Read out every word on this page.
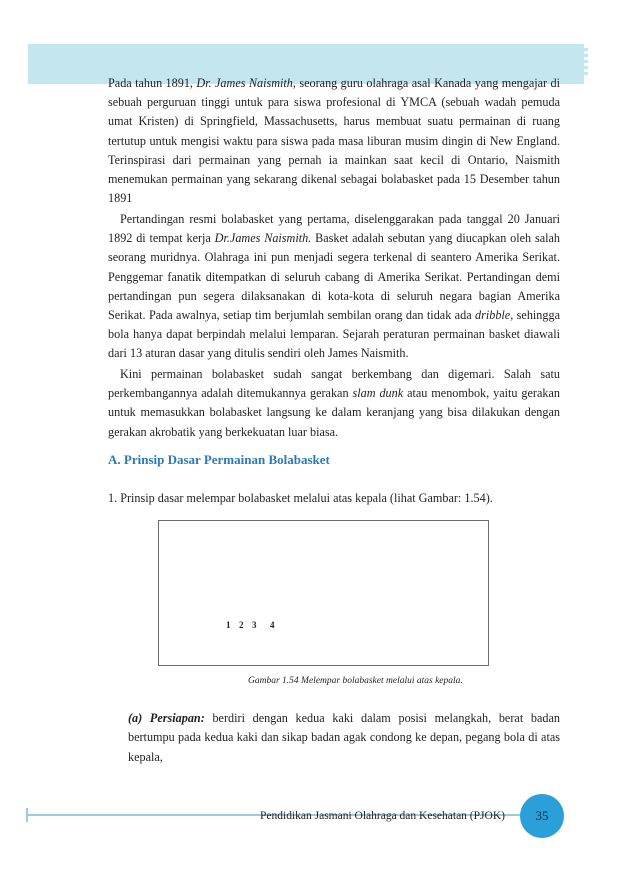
Pada tahun 1891, Dr. James Naismith, seorang guru olahraga asal Kanada yang mengajar di sebuah perguruan tinggi untuk para siswa profesional di YMCA (sebuah wadah pemuda umat Kristen) di Springfield, Massachusetts, harus membuat suatu permainan di ruang tertutup untuk mengisi waktu para siswa pada masa liburan musim dingin di New England. Terinspirasi dari permainan yang pernah ia mainkan saat kecil di Ontario, Naismith menemukan permainan yang sekarang dikenal sebagai bolabasket pada 15 Desember tahun 1891

Pertandingan resmi bolabasket yang pertama, diselenggarakan pada tanggal 20 Januari 1892 di tempat kerja Dr.James Naismith. Basket adalah sebutan yang diucapkan oleh salah seorang muridnya. Olahraga ini pun menjadi segera terkenal di seantero Amerika Serikat. Penggemar fanatik ditempatkan di seluruh cabang di Amerika Serikat. Pertandingan demi pertandingan pun segera dilaksanakan di kota-kota di seluruh negara bagian Amerika Serikat. Pada awalnya, setiap tim berjumlah sembilan orang dan tidak ada dribble, sehingga bola hanya dapat berpindah melalui lemparan. Sejarah peraturan permainan basket diawali dari 13 aturan dasar yang ditulis sendiri oleh James Naismith.

Kini permainan bolabasket sudah sangat berkembang dan digemari. Salah satu perkembangannya adalah ditemukannya gerakan slam dunk atau menombok, yaitu gerakan untuk memasukkan bolabasket langsung ke dalam keranjang yang bisa dilakukan dengan gerakan akrobatik yang berkekuatan luar biasa.

A. Prinsip Dasar Permainan Bolabasket

1. Prinsip dasar melempar bolabasket melalui atas kepala (lihat Gambar: 1.54).

1 2 3 4
Gambar 1.54 Melempar bolabasket melalui atas kepala.

(a) Persiapan: berdiri dengan kedua kaki dalam posisi melangkah, berat badan bertumpu pada kedua kaki dan sikap badan agak condong ke depan, pegang bola di atas kepala,

Pendidikan Jasmani Olahraga dan Kesehatan (PJOK)	35
